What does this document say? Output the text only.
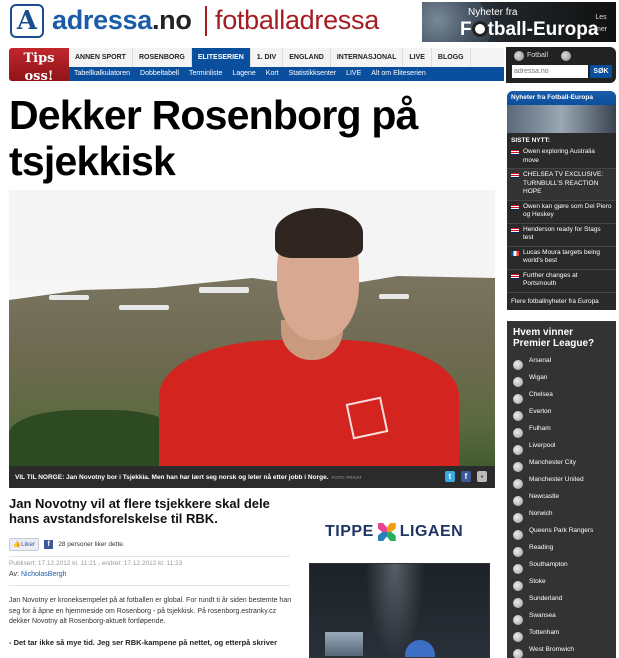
A adressa.no fotballadressa	Nyheter fra
F tball-Europa
Les
mer
Tips oss!
Fotballadressa
ANNEN SPORT	ROSENBORG	ELITESERIEN	1. DIV	ENGLAND	INTERNASJONAL	LIVE	BLOGG
Tabellkalkulatoren	Dobbeltabell	Terminliste	Lagene	Kort	Statistikksenter	LIVE	Alt om Eliteserien
Fotball
adressa.no
SØK
Dekker Rosenborg på tsjekkisk
VIL TIL NORGE: Jan Novotny bor i Tsjekkia. Men han har lært seg norsk og leter nå etter jobb i Norge. FOTO: PRIVAT	t	f	▪
Jan Novotny vil at flere tsjekkere skal dele hans avstandsforelskelse til RBK.
👍Liker	f	28 personer liker dette.
Publisert: 17.12.2012 kl. 11:21 , endret: 17.12.2012 kl. 11:23
Av: NicholasBergh

Jan Novotny er kroneksempelet på at fotballen er global. For rundt ti år siden bestemte han seg for å åpne en hjemmeside om Rosenborg - på tsjekkisk. På rosenborg.estranky.cz dekker Novotny alt Rosenborg-aktuelt fortløpende.

- Det tar ikke så mye tid. Jeg ser RBK-kampene på nettet, og etterpå skriver

TIPPE LIGAEN
Nyheter fra Fotball-Europa
SISTE NYTT:
Owen exploring Australia move
CHELSEA TV EXCLUSIVE: TURNBULL'S REACTION HOPE
Owen kan gjøre som Del Piero og Heskey
Henderson ready for Stags test
Lucas Moura targets being world's best
Further changes at Portsmouth
Flere fotballnyheter fra Europa
Hvem vinner Premier League?
Arsenal
Wigan
Chelsea
Everton
Fulham
Liverpool
Manchester City
Manchester United
Newcastle
Norwich
Queens Park Rangers
Reading
Southampton
Stoke
Sunderland
Swansea
Tottenham
West Bromwich
